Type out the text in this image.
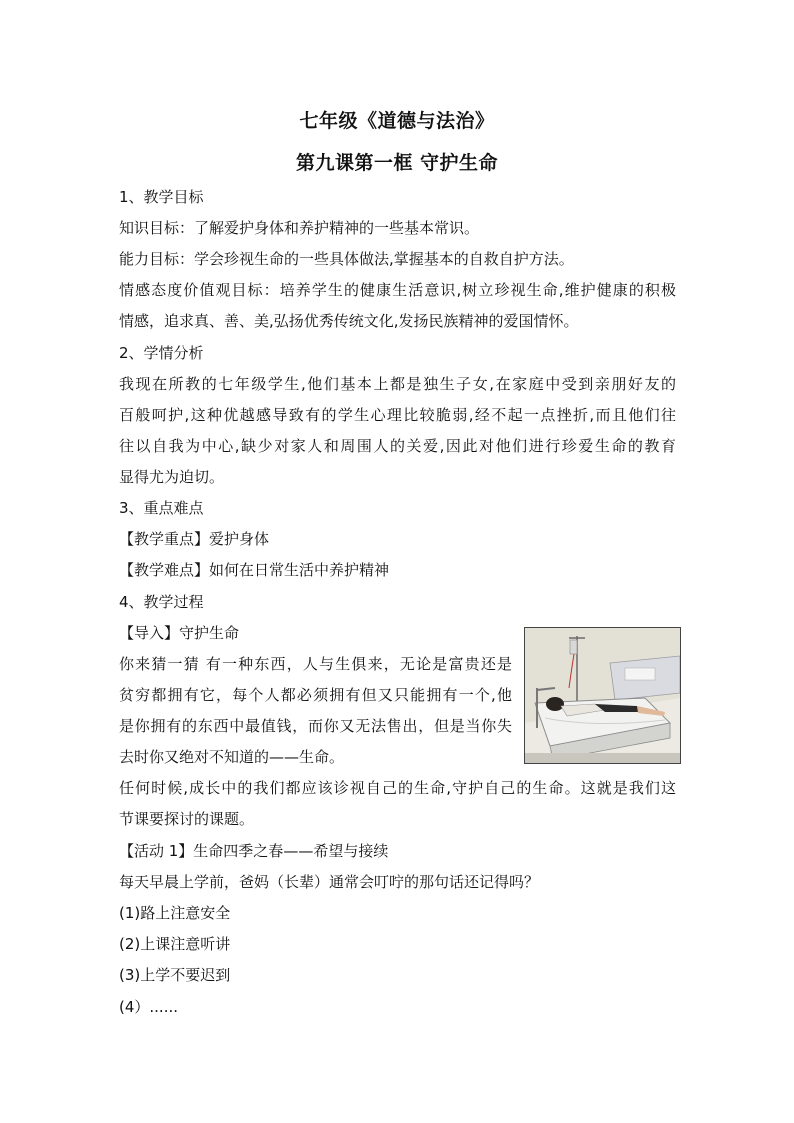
七年级《道德与法治》
第九课第一框 守护生命
1、教学目标
知识目标：了解爱护身体和养护精神的一些基本常识。
能力目标：学会珍视生命的一些具体做法,掌握基本的自救自护方法。
情感态度价值观目标：培养学生的健康生活意识,树立珍视生命,维护健康的积极
情感，追求真、善、美,弘扬优秀传统文化,发扬民族精神的爱国情怀。
2、学情分析
我现在所教的七年级学生,他们基本上都是独生子女,在家庭中受到亲朋好友的
百般呵护,这种优越感导致有的学生心理比较脆弱,经不起一点挫折,而且他们往
往以自我为中心,缺少对家人和周围人的关爱,因此对他们进行珍爱生命的教育
显得尤为迫切。
3、重点难点
【教学重点】爱护身体
【教学难点】如何在日常生活中养护精神
4、教学过程
【导入】守护生命
你来猜一猜 有一种东西，人与生俱来，无论是富贵还是
贫穷都拥有它，每个人都必须拥有但又只能拥有一个,他
是你拥有的东西中最值钱，而你又无法售出，但是当你失
去时你又绝对不知道的——生命。
任何时候,成长中的我们都应该诊视自己的生命,守护自己的生命。这就是我们这
节课要探讨的课题。
【活动 1】生命四季之春——希望与接续
每天早晨上学前，爸妈（长辈）通常会叮咛的那句话还记得吗？
(1)路上注意安全
(2)上课注意听讲
(3)上学不要迟到
(4）......
